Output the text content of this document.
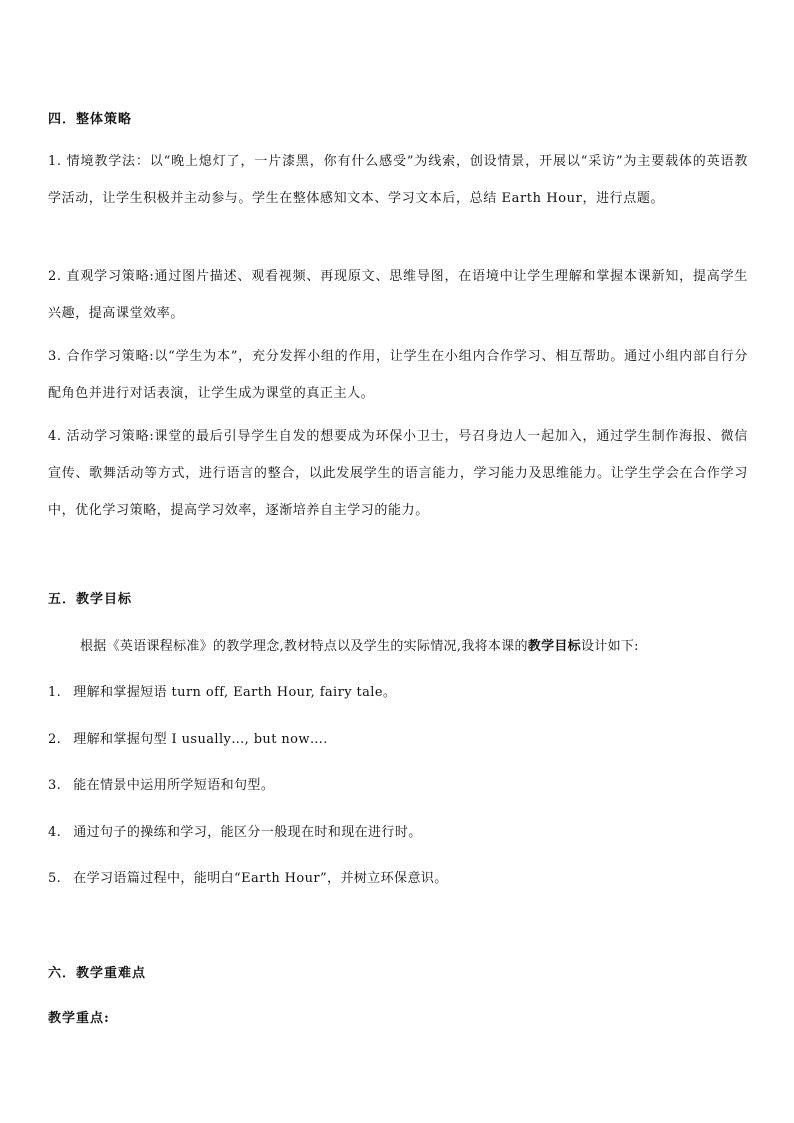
四．整体策略
1. 情境教学法：以“晚上熄灯了，一片漆黑，你有什么感受”为线索，创设情景，开展以“采访”为主要载体的英语教学活动，让学生积极并主动参与。学生在整体感知文本、学习文本后，总结 Earth Hour，进行点题。
2. 直观学习策略:通过图片描述、观看视频、再现原文、思维导图，在语境中让学生理解和掌握本课新知，提高学生兴趣，提高课堂效率。
3. 合作学习策略:以“学生为本”，充分发挥小组的作用，让学生在小组内合作学习、相互帮助。通过小组内部自行分配角色并进行对话表演，让学生成为课堂的真正主人。
4. 活动学习策略:课堂的最后引导学生自发的想要成为环保小卫士，号召身边人一起加入，通过学生制作海报、微信宣传、歌舞活动等方式，进行语言的整合，以此发展学生的语言能力，学习能力及思维能力。让学生学会在合作学习中，优化学习策略，提高学习效率，逐渐培养自主学习的能力。
五．教学目标
根据《英语课程标准》的教学理念,教材特点以及学生的实际情况,我将本课的教学目标设计如下:
1. 理解和掌握短语 turn off, Earth Hour, fairy tale。
2. 理解和掌握句型 I usually…, but now….
3. 能在情景中运用所学短语和句型。
4. 通过句子的操练和学习，能区分一般现在时和现在进行时。
5. 在学习语篇过程中，能明白“Earth Hour”，并树立环保意识。
六．教学重难点
教学重点:
